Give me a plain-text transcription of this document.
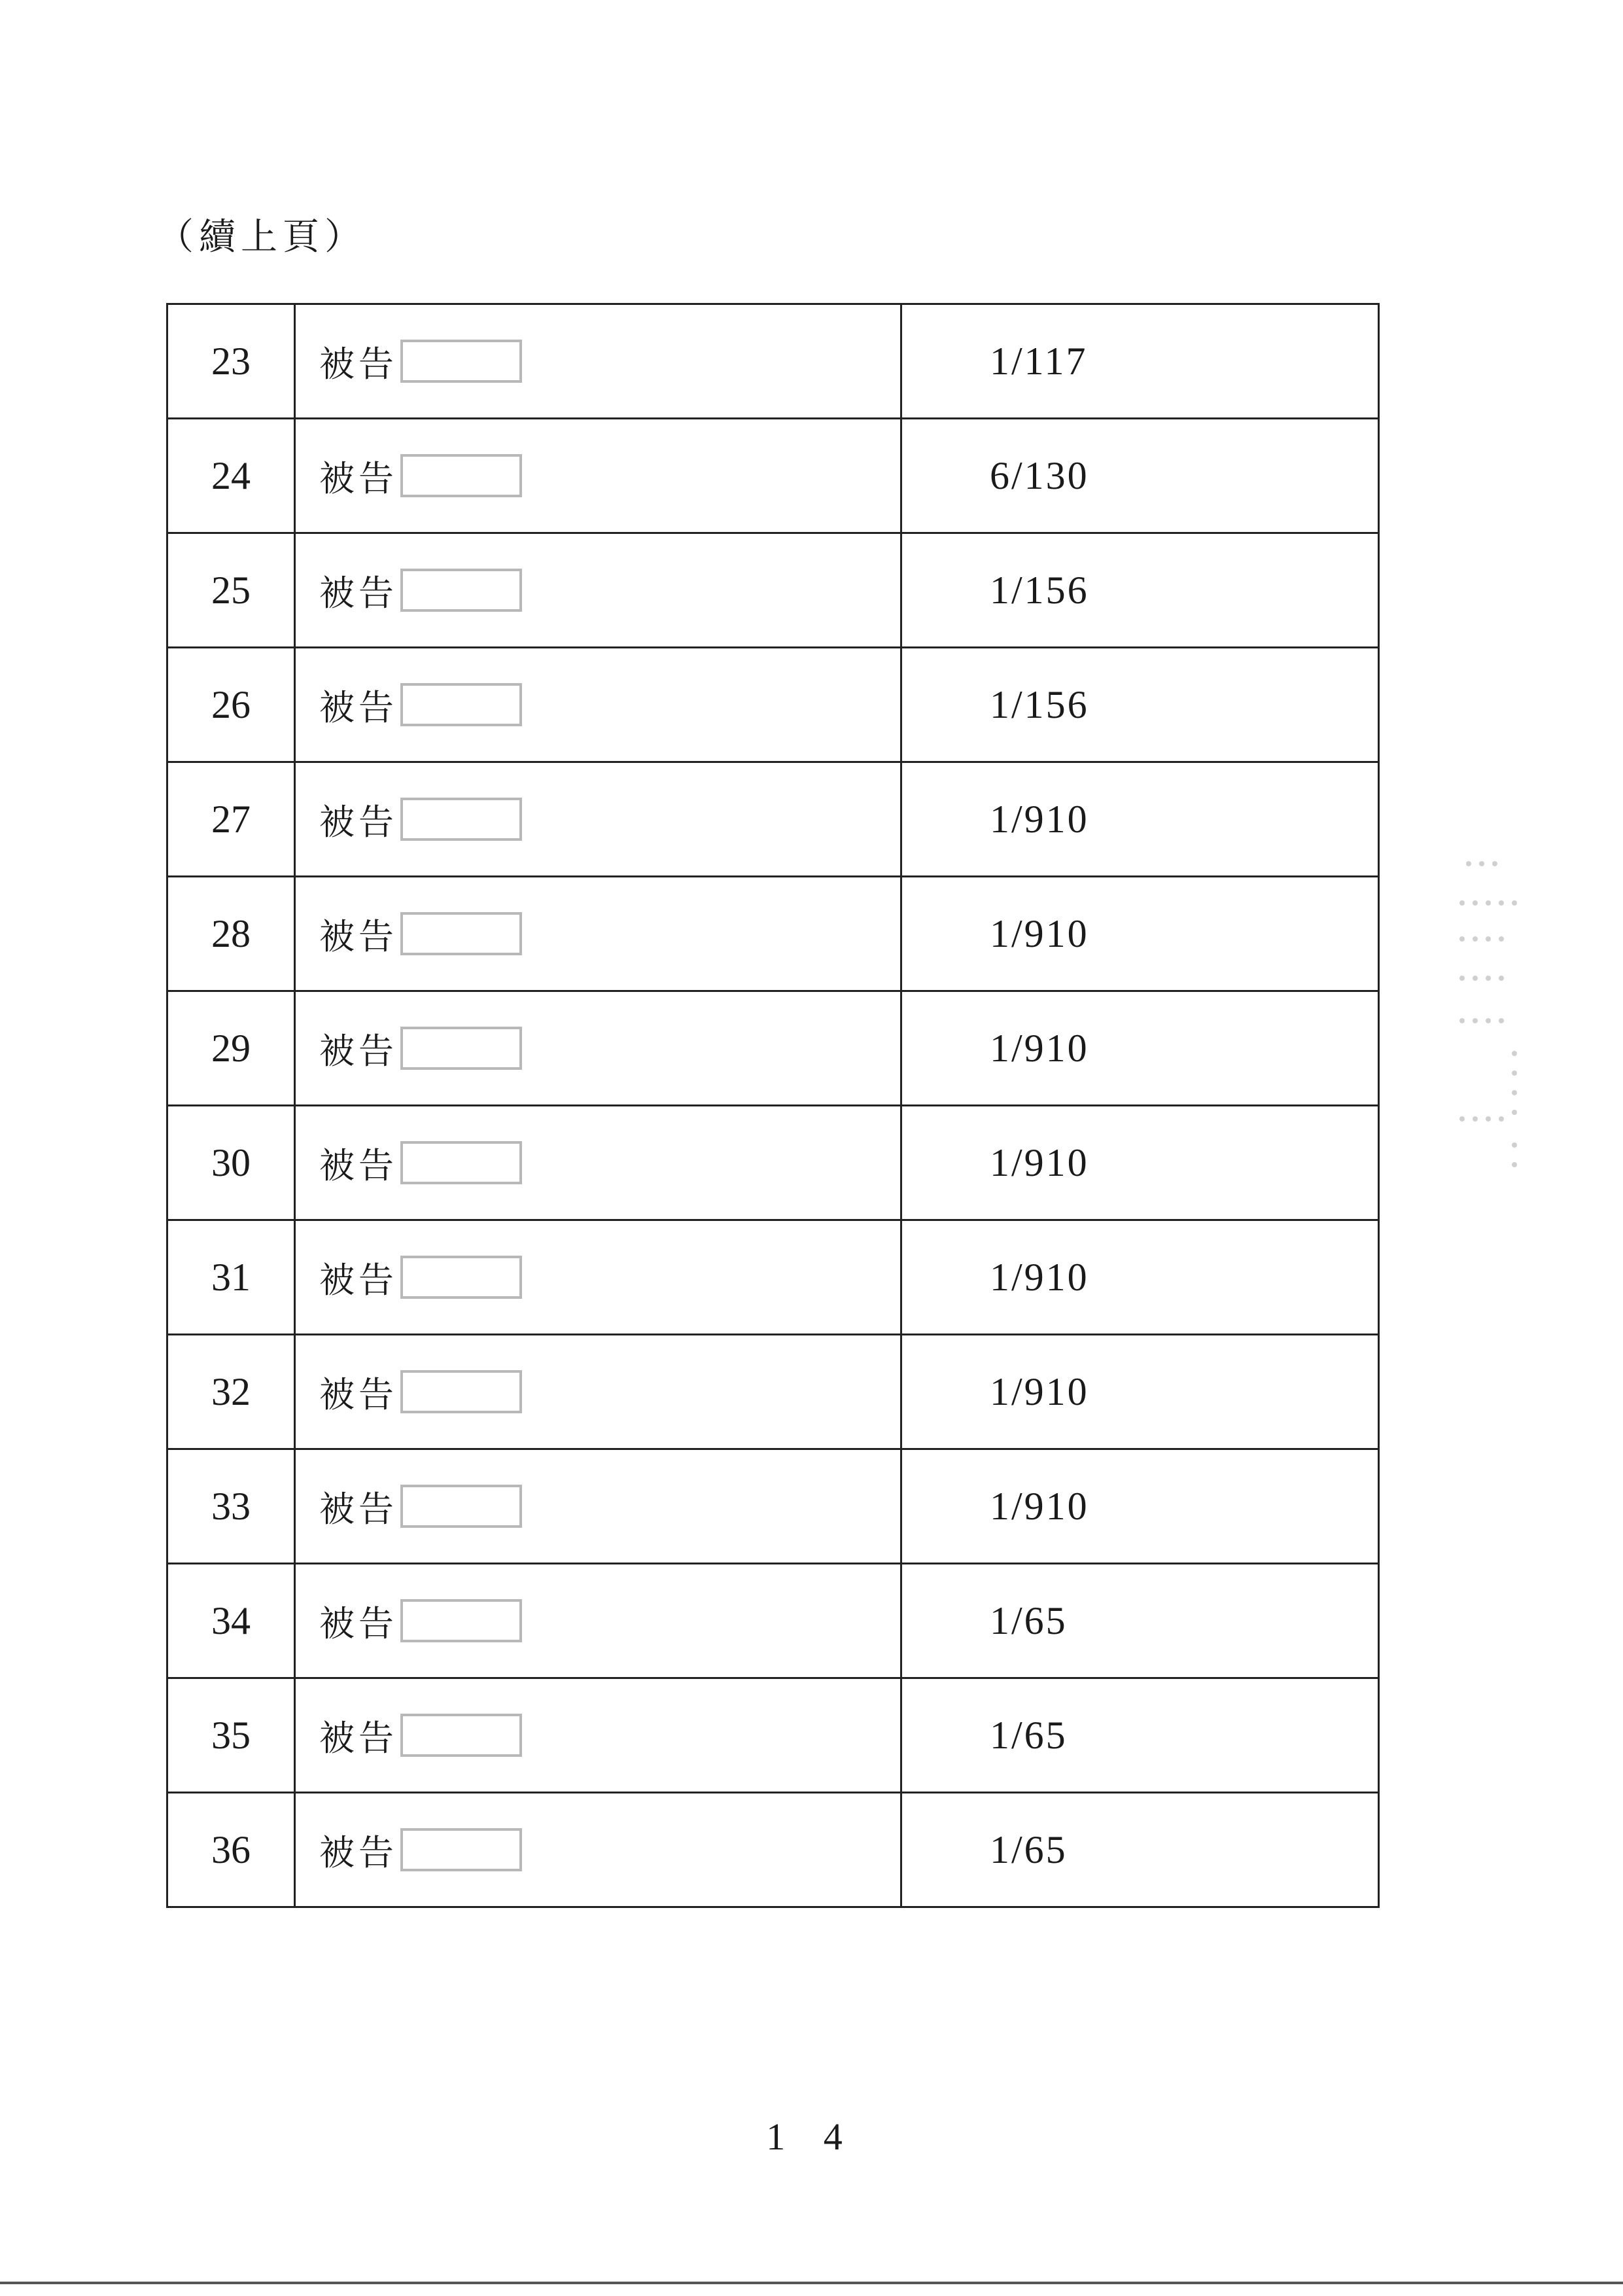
（續上頁）
23	被告	1/117
24	被告	6/130
25	被告	1/156
26	被告	1/156
27	被告	1/910
28	被告	1/910
29	被告	1/910
30	被告	1/910
31	被告	1/910
32	被告	1/910
33	被告	1/910
34	被告	1/65
35	被告	1/65
36	被告	1/65
1 4
